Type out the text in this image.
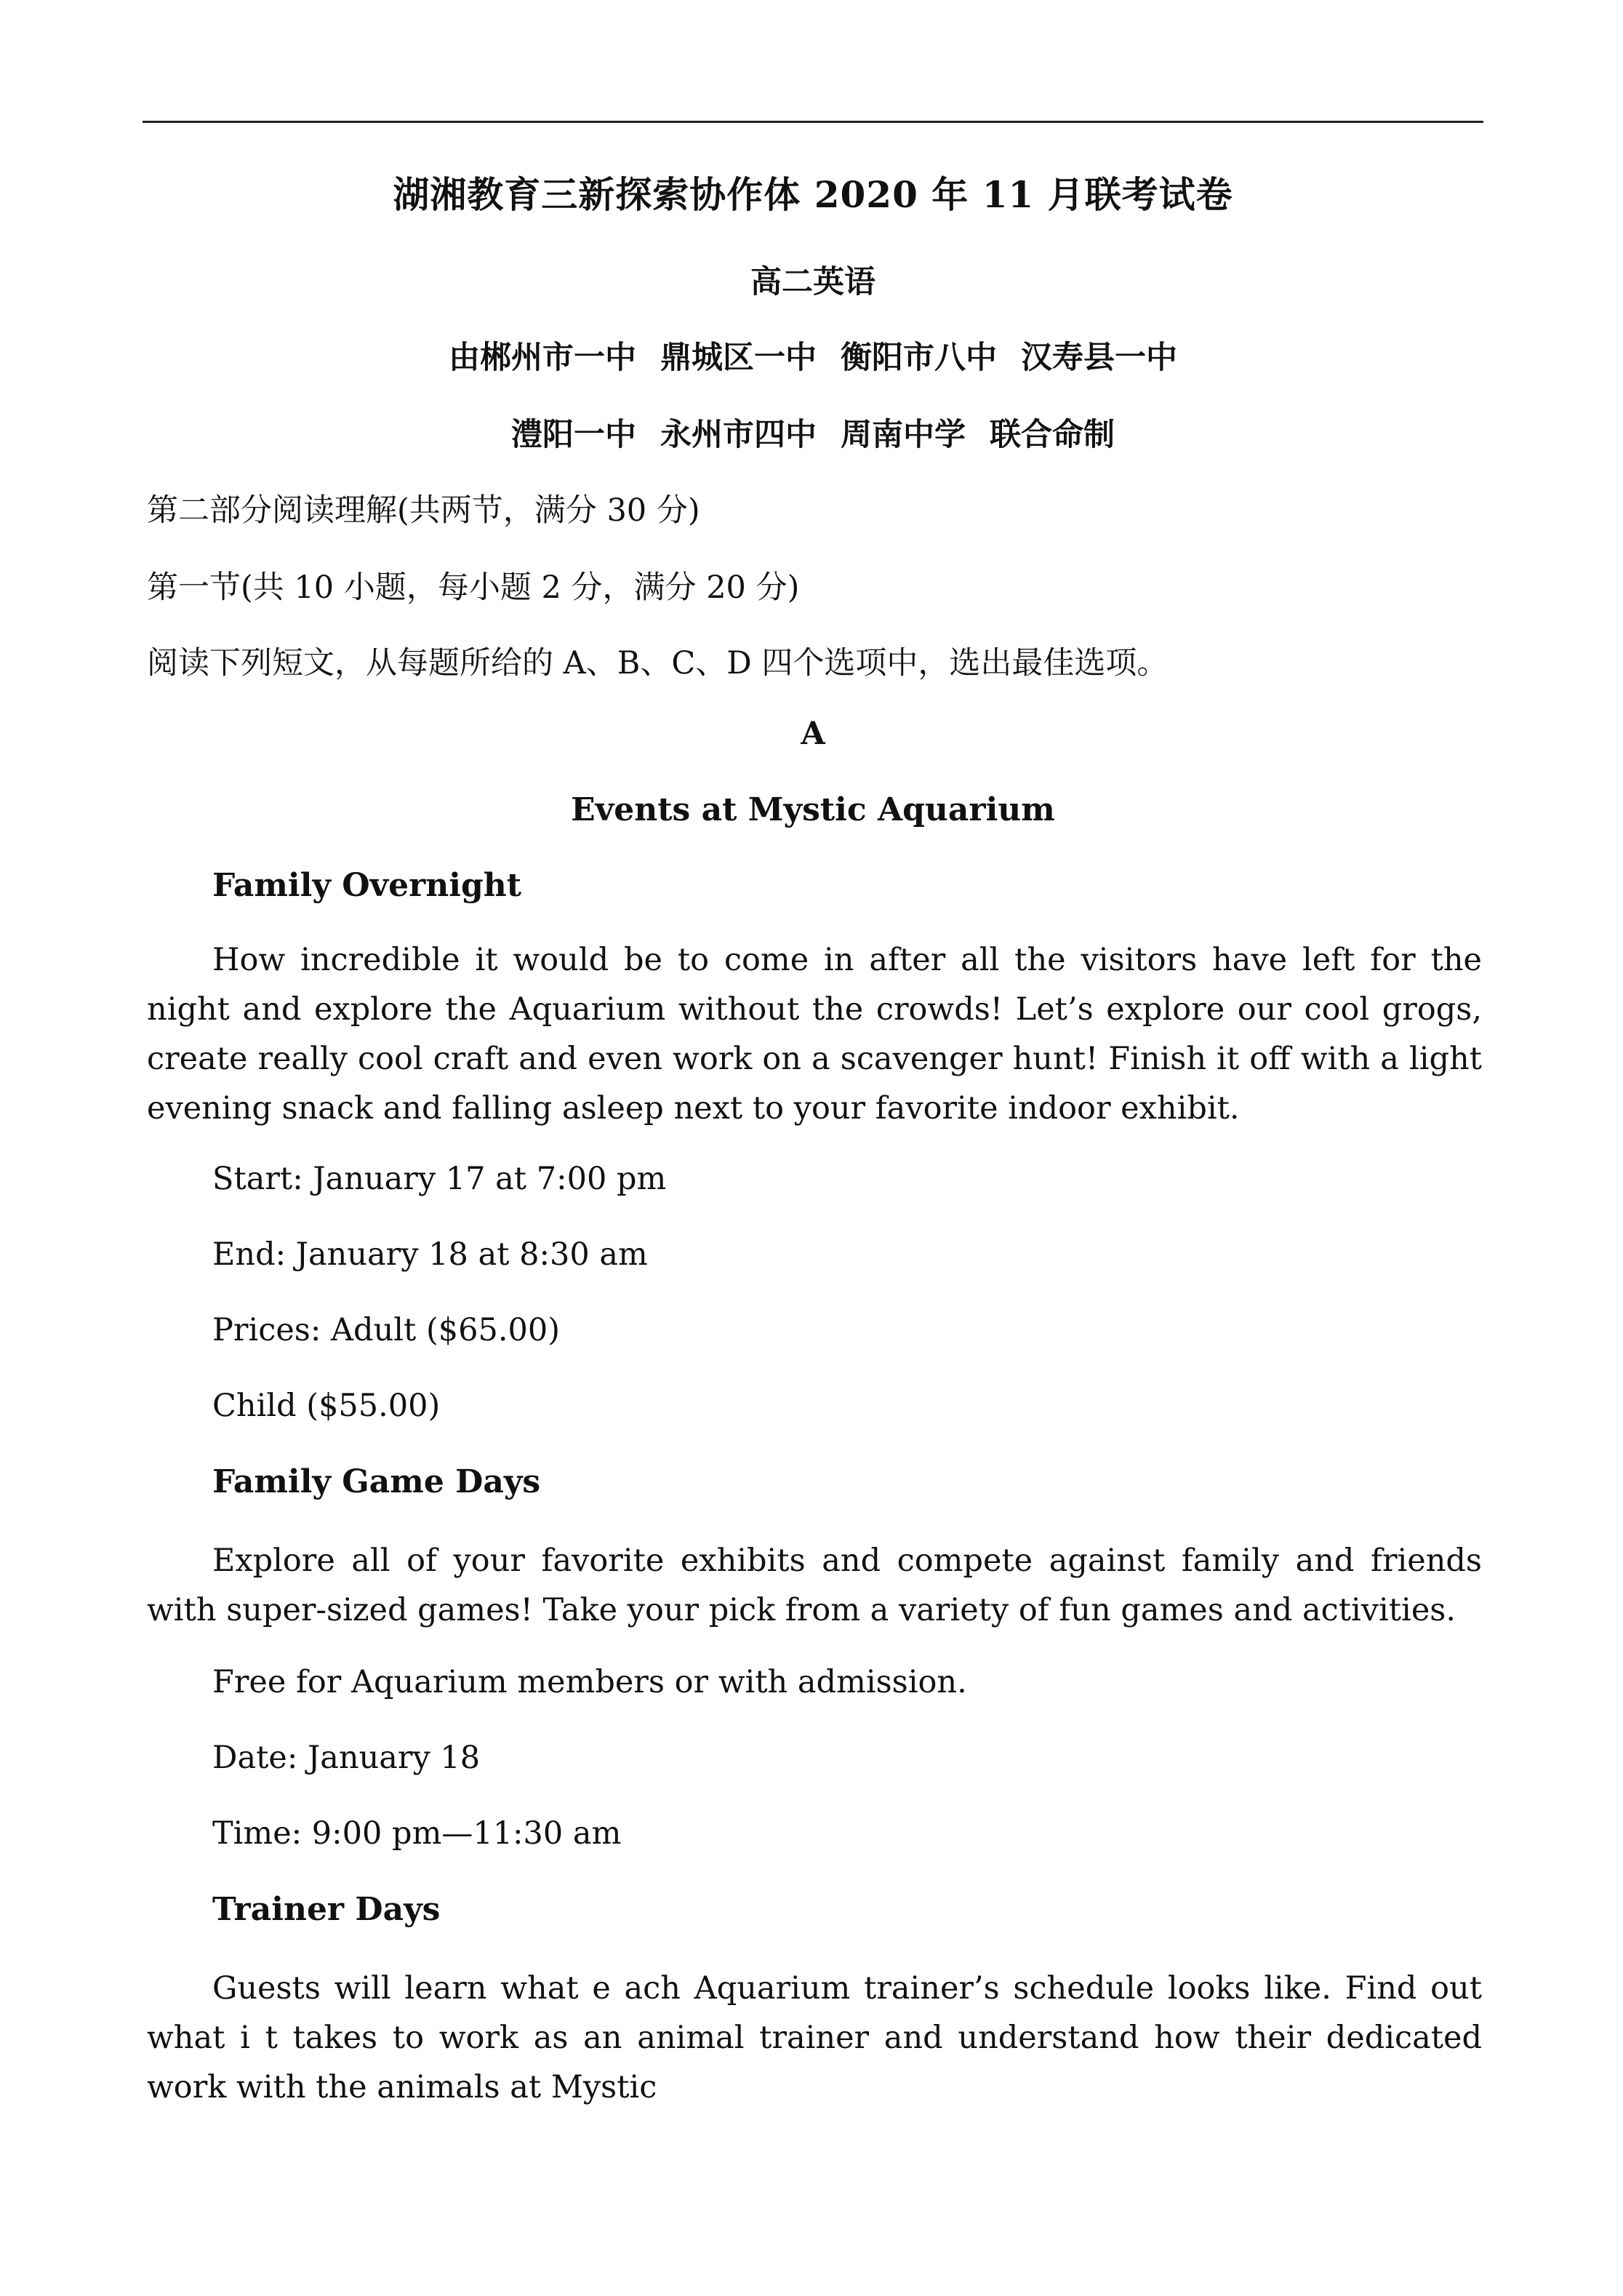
湖湘教育三新探索协作体 2020 年 11 月联考试卷
高二英语
由郴州市一中 鼎城区一中 衡阳市八中 汉寿县一中
澧阳一中 永州市四中 周南中学 联合命制
第二部分阅读理解(共两节，满分 30 分)
第一节(共 10 小题，每小题 2 分，满分 20 分)
阅读下列短文，从每题所给的 A、B、C、D 四个选项中，选出最佳选项。
A
Events at Mystic Aquarium
Family Overnight
How incredible it would be to come in after all the visitors have left for the night and explore the Aquarium without the crowds! Let’s explore our cool grogs, create really cool craft and even work on a scavenger hunt! Finish it off with a light evening snack and falling asleep next to your favorite indoor exhibit.
Start: January 17 at 7:00 pm
End: January 18 at 8:30 am
Prices: Adult ($65.00)
Child ($55.00)
Family Game Days
Explore all of your favorite exhibits and compete against family and friends with super-sized games! Take your pick from a variety of fun games and activities.
Free for Aquarium members or with admission.
Date: January 18
Time: 9:00 pm—11:30 am
Trainer Days
Guests will learn what e ach Aquarium trainer’s schedule looks like. Find out what i t takes to work as an animal trainer and understand how their dedicated work with the animals at Mystic
